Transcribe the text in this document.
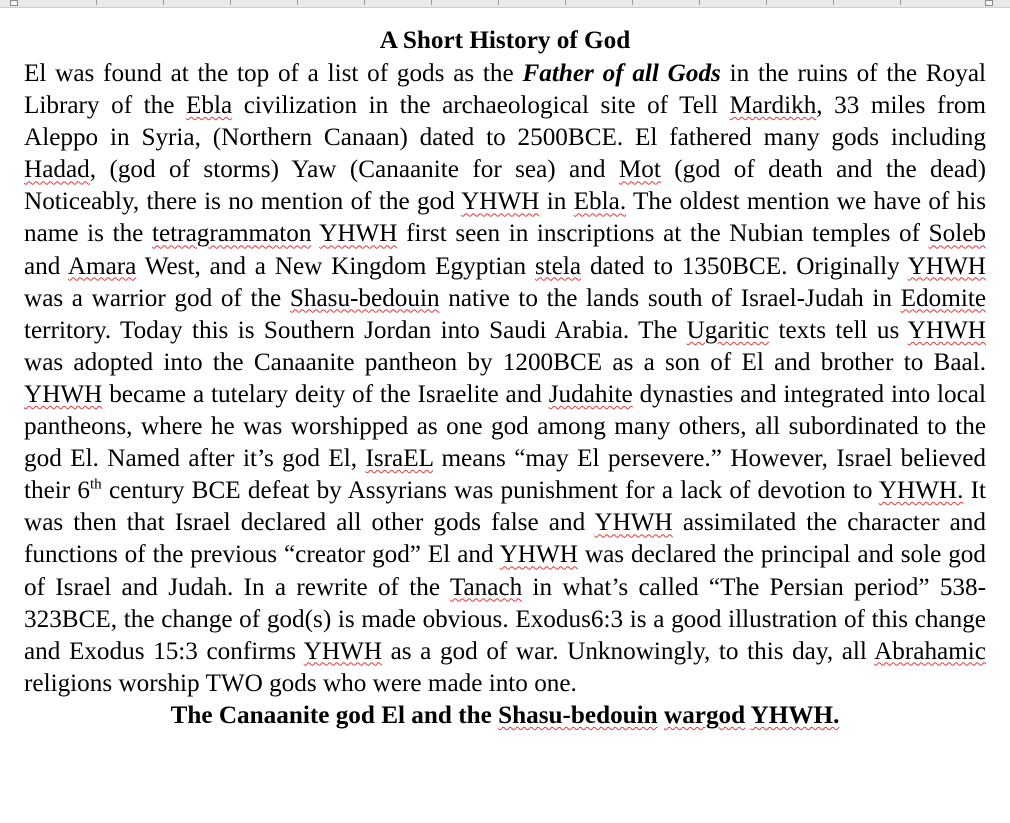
A Short History of God

El was found at the top of a list of gods as the Father of all Gods in the ruins of the Royal Library of the Ebla civilization in the archaeological site of Tell Mardikh, 33 miles from Aleppo in Syria, (Northern Canaan) dated to 2500BCE. El fathered many gods including Hadad, (god of storms) Yaw (Canaanite for sea) and Mot (god of death and the dead) Noticeably, there is no mention of the god YHWH in Ebla. The oldest mention we have of his name is the tetragrammaton YHWH first seen in inscriptions at the Nubian temples of Soleb and Amara West, and a New Kingdom Egyptian stela dated to 1350BCE. Originally YHWH was a warrior god of the Shasu-bedouin native to the lands south of Israel-Judah in Edomite territory. Today this is Southern Jordan into Saudi Arabia. The Ugaritic texts tell us YHWH was adopted into the Canaanite pantheon by 1200BCE as a son of El and brother to Baal. YHWH became a tutelary deity of the Israelite and Judahite dynasties and integrated into local pantheons, where he was worshipped as one god among many others, all subordinated to the god El. Named after it’s god El, IsraEL means “may El persevere.” However, Israel believed their 6th century BCE defeat by Assyrians was punishment for a lack of devotion to YHWH. It was then that Israel declared all other gods false and YHWH assimilated the character and functions of the previous “creator god” El and YHWH was declared the principal and sole god of Israel and Judah. In a rewrite of the Tanach in what’s called “The Persian period” 538-323BCE, the change of god(s) is made obvious. Exodus6:3 is a good illustration of this change and Exodus 15:3 confirms YHWH as a god of war. Unknowingly, to this day, all Abrahamic religions worship TWO gods who were made into one.

The Canaanite god El and the Shasu-bedouin wargod YHWH.
